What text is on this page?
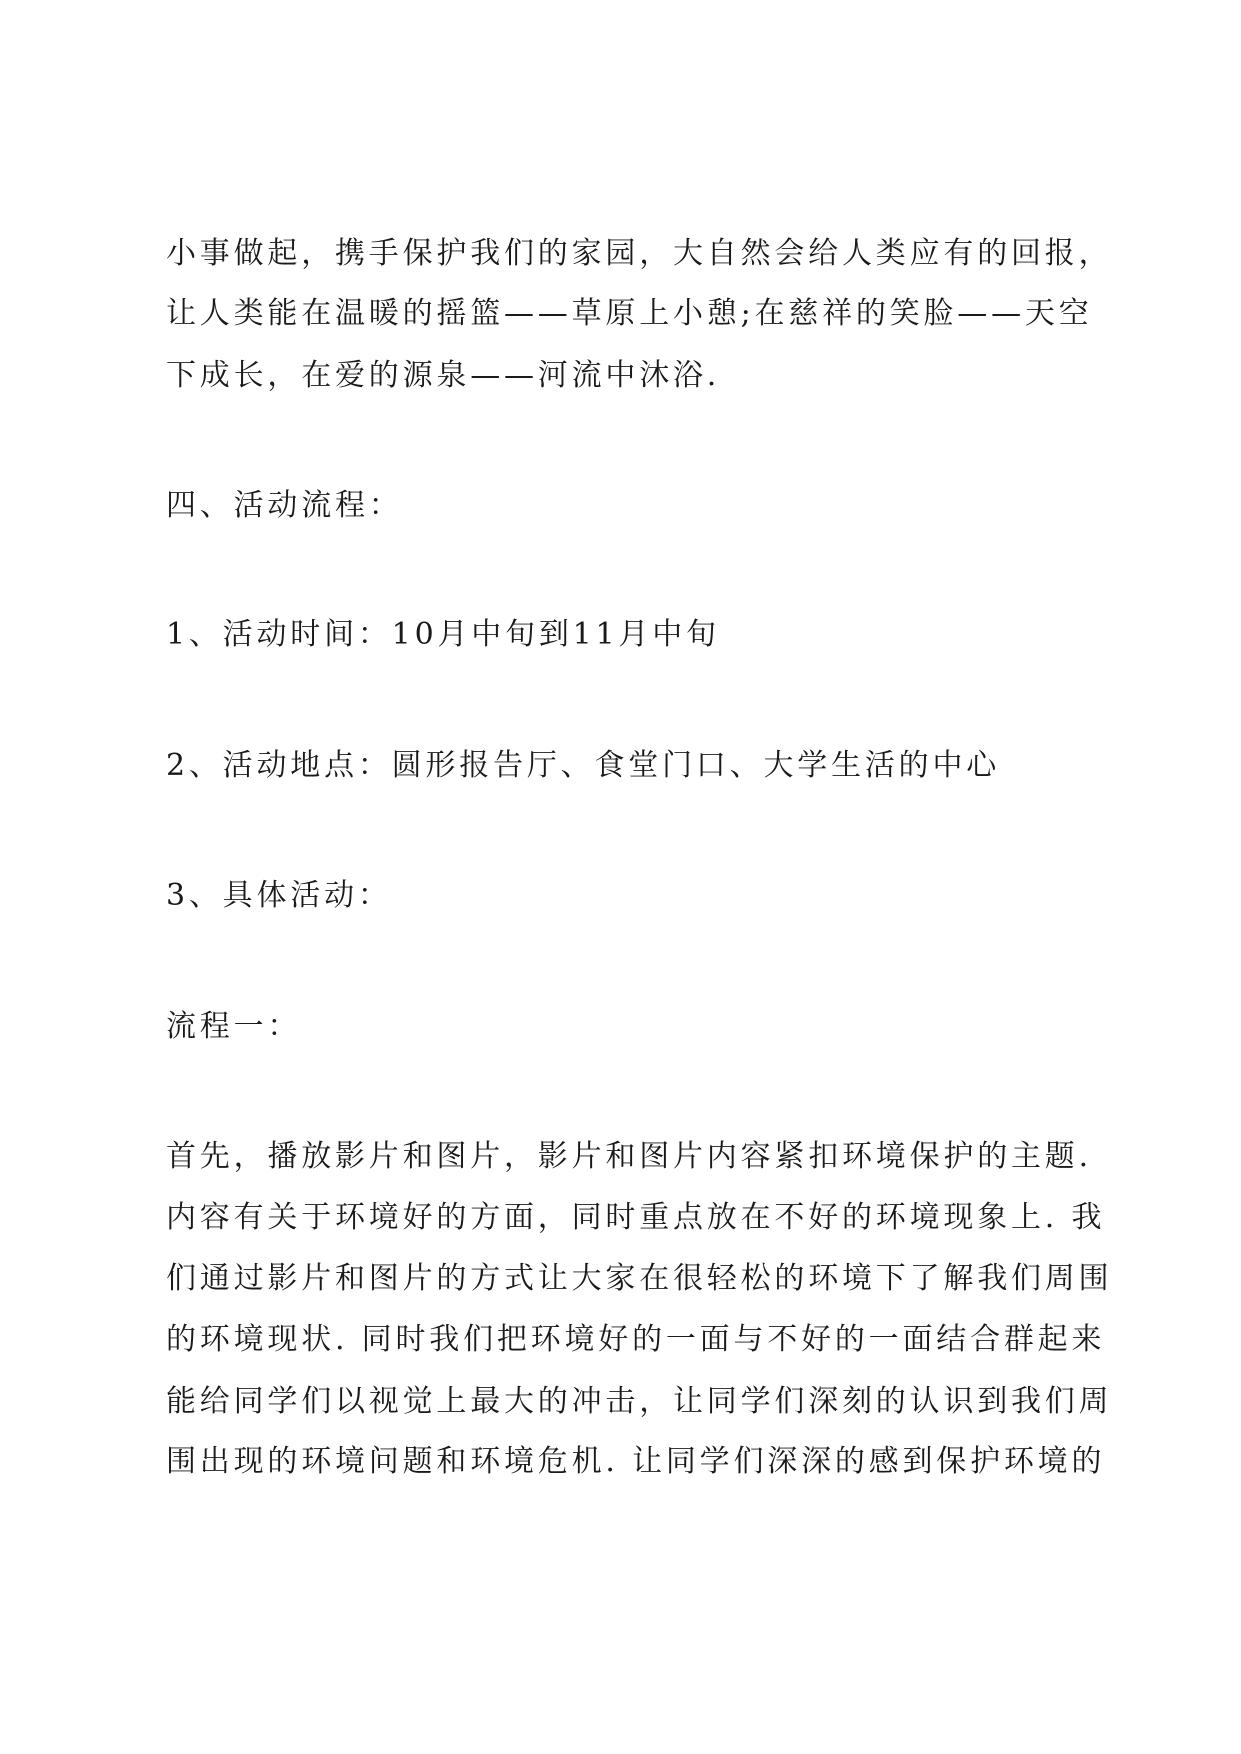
小事做起，携手保护我们的家园，大自然会给人类应有的回报，
让人类能在温暖的摇篮——草原上小憩;在慈祥的笑脸——天空
下成长，在爱的源泉——河流中沐浴.
四、活动流程：
1、活动时间：10月中旬到11月中旬
2、活动地点：圆形报告厅、食堂门口、大学生活的中心
3、具体活动：
流程一：
首先，播放影片和图片，影片和图片内容紧扣环境保护的主题.
内容有关于环境好的方面，同时重点放在不好的环境现象上. 我
们通过影片和图片的方式让大家在很轻松的环境下了解我们周围
的环境现状. 同时我们把环境好的一面与不好的一面结合群起来
能给同学们以视觉上最大的冲击，让同学们深刻的认识到我们周
围出现的环境问题和环境危机. 让同学们深深的感到保护环境的
